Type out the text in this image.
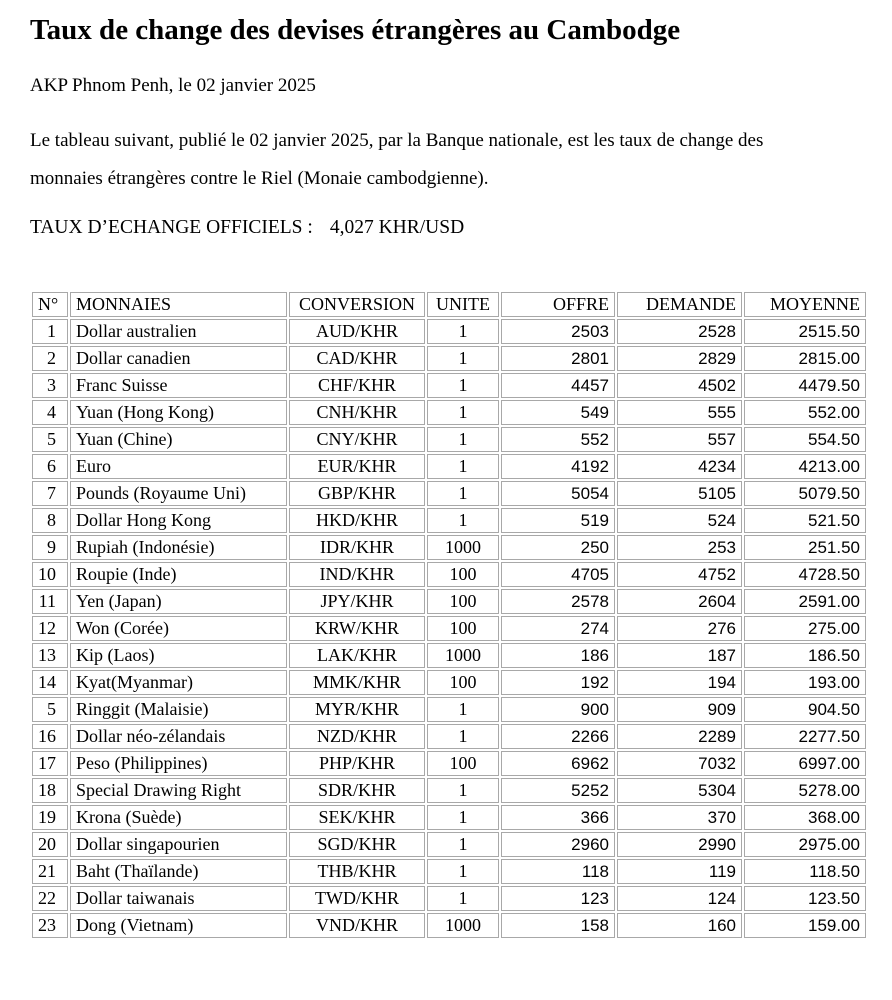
Taux de change des devises étrangères au Cambodge
AKP Phnom Penh, le 02 janvier 2025
Le tableau suivant, publié le 02 janvier 2025, par la Banque nationale, est les taux de change des
monnaies étrangères contre le Riel (Monaie cambodgienne).
TAUX D’ECHANGE OFFICIELS : 4,027 KHR/USD
N°	MONNAIES	CONVERSION	UNITE	OFFRE	DEMANDE	MOYENNE
1	Dollar australien	AUD/KHR	1	2503	2528	2515.50
2	Dollar canadien	CAD/KHR	1	2801	2829	2815.00
3	Franc Suisse	CHF/KHR	1	4457	4502	4479.50
4	Yuan (Hong Kong)	CNH/KHR	1	549	555	552.00
5	Yuan (Chine)	CNY/KHR	1	552	557	554.50
6	Euro	EUR/KHR	1	4192	4234	4213.00
7	Pounds (Royaume Uni)	GBP/KHR	1	5054	5105	5079.50
8	Dollar Hong Kong	HKD/KHR	1	519	524	521.50
9	Rupiah (Indonésie)	IDR/KHR	1000	250	253	251.50
10	Roupie (Inde)	IND/KHR	100	4705	4752	4728.50
11	Yen (Japan)	JPY/KHR	100	2578	2604	2591.00
12	Won (Corée)	KRW/KHR	100	274	276	275.00
13	Kip (Laos)	LAK/KHR	1000	186	187	186.50
14	Kyat(Myanmar)	MMK/KHR	100	192	194	193.00
5	Ringgit (Malaisie)	MYR/KHR	1	900	909	904.50
16	Dollar néo-zélandais	NZD/KHR	1	2266	2289	2277.50
17	Peso (Philippines)	PHP/KHR	100	6962	7032	6997.00
18	Special Drawing Right	SDR/KHR	1	5252	5304	5278.00
19	Krona (Suède)	SEK/KHR	1	366	370	368.00
20	Dollar singapourien	SGD/KHR	1	2960	2990	2975.00
21	Baht (Thaïlande)	THB/KHR	1	118	119	118.50
22	Dollar taiwanais	TWD/KHR	1	123	124	123.50
23	Dong (Vietnam)	VND/KHR	1000	158	160	159.00
